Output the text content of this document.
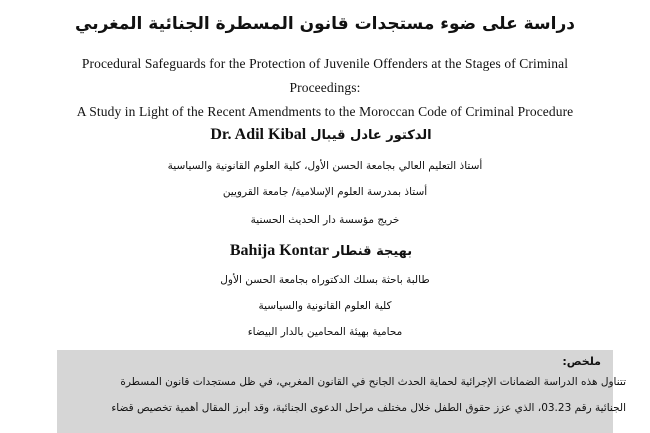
دراسة على ضوء مستجدات قانون المسطرة الجنائية المغربي
Procedural Safeguards for the Protection of Juvenile Offenders at the Stages of Criminal
Proceedings:
A Study in Light of the Recent Amendments to the Moroccan Code of Criminal Procedure
Dr. Adil Kibal الدكتور عادل قيبال
أستاذ التعليم العالي بجامعة الحسن الأول، كلية العلوم القانونية والسياسية
أستاذ بمدرسة العلوم الإسلامية/ جامعة القرويين
خريج مؤسسة دار الحديث الحسنية
Bahija Kontar بهيجة قنطار
طالبة باحثة بسلك الدكتوراه بجامعة الحسن الأول
كلية العلوم القانونية والسياسية
محامية بهيئة المحامين بالدار البيضاء
ملخص:
تتناول هذه الدراسة الضمانات الإجرائية لحماية الحدث الجانح في القانون المغربي، في ظل مستجدات قانون المسطرة
الجنائية رقم 03.23، الذي عزز حقوق الطفل خلال مختلف مراحل الدعوى الجنائية، وقد أبرز المقال أهمية تخصيص قضاء
